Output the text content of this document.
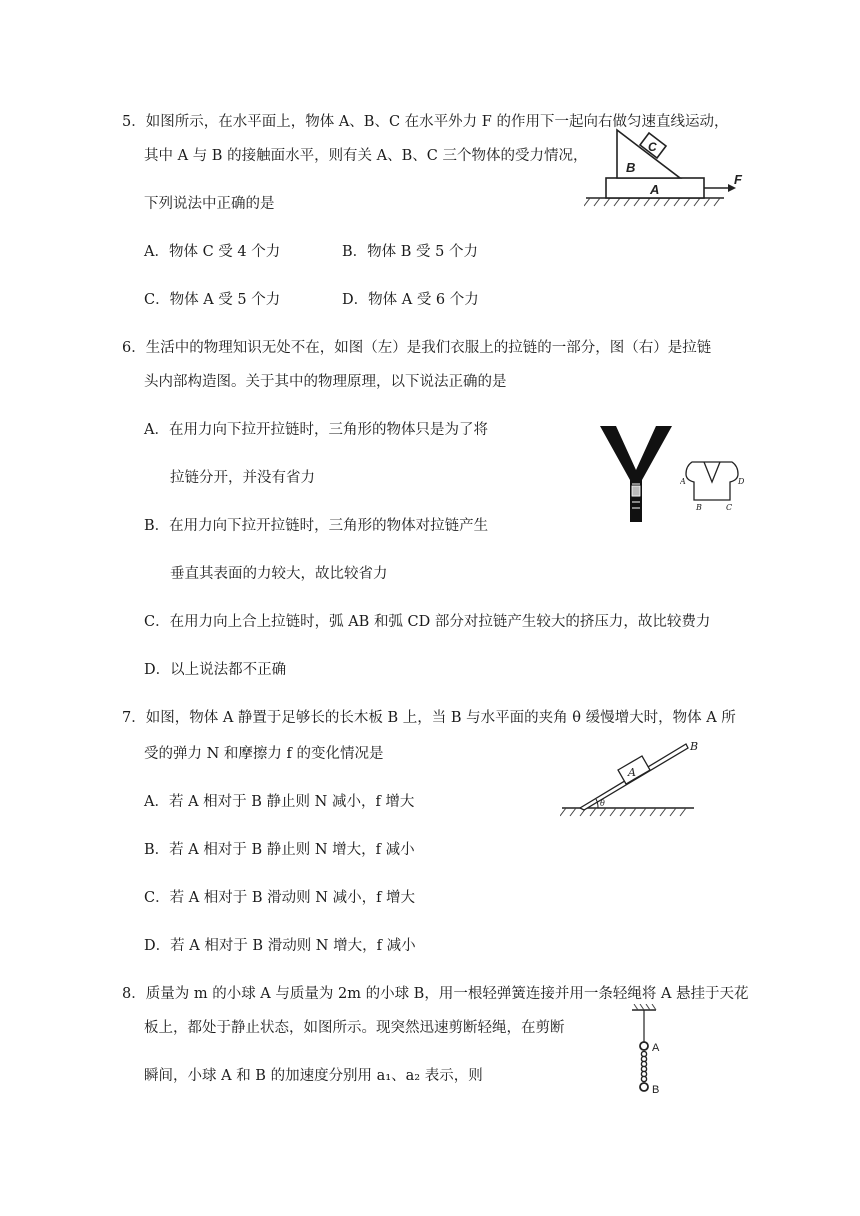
5．如图所示，在水平面上，物体 A、B、C 在水平外力 F 的作用下一起向右做匀速直线运动，
其中 A 与 B 的接触面水平，则有关 A、B、C 三个物体的受力情况，
下列说法中正确的是
A．物体 C 受 4 个力	B．物体 B 受 5 个力
C．物体 A 受 5 个力	D．物体 A 受 6 个力
A
B
C
F
6．生活中的物理知识无处不在，如图（左）是我们衣服上的拉链的一部分，图（右）是拉链
头内部构造图。关于其中的物理原理，以下说法正确的是
A．在用力向下拉开拉链时，三角形的物体只是为了将
拉链分开，并没有省力
B．在用力向下拉开拉链时，三角形的物体对拉链产生
垂直其表面的力较大，故比较省力
C．在用力向上合上拉链时，弧 AB 和弧 CD 部分对拉链产生较大的挤压力，故比较费力
D．以上说法都不正确
A
B	C
D
7．如图，物体 A 静置于足够长的长木板 B 上，当 B 与水平面的夹角 θ 缓慢增大时，物体 A 所
受的弹力 N 和摩擦力 f 的变化情况是
A．若 A 相对于 B 静止则 N 减小，f 增大
B．若 A 相对于 B 静止则 N 增大，f 减小
C．若 A 相对于 B 滑动则 N 减小，f 增大
D．若 A 相对于 B 滑动则 N 增大，f 减小
A
B
θ
8．质量为 m 的小球 A 与质量为 2m 的小球 B，用一根轻弹簧连接并用一条轻绳将 A 悬挂于天花
板上，都处于静止状态，如图所示。现突然迅速剪断轻绳，在剪断
瞬间，小球 A 和 B 的加速度分别用 a₁、a₂ 表示，则
A
B
